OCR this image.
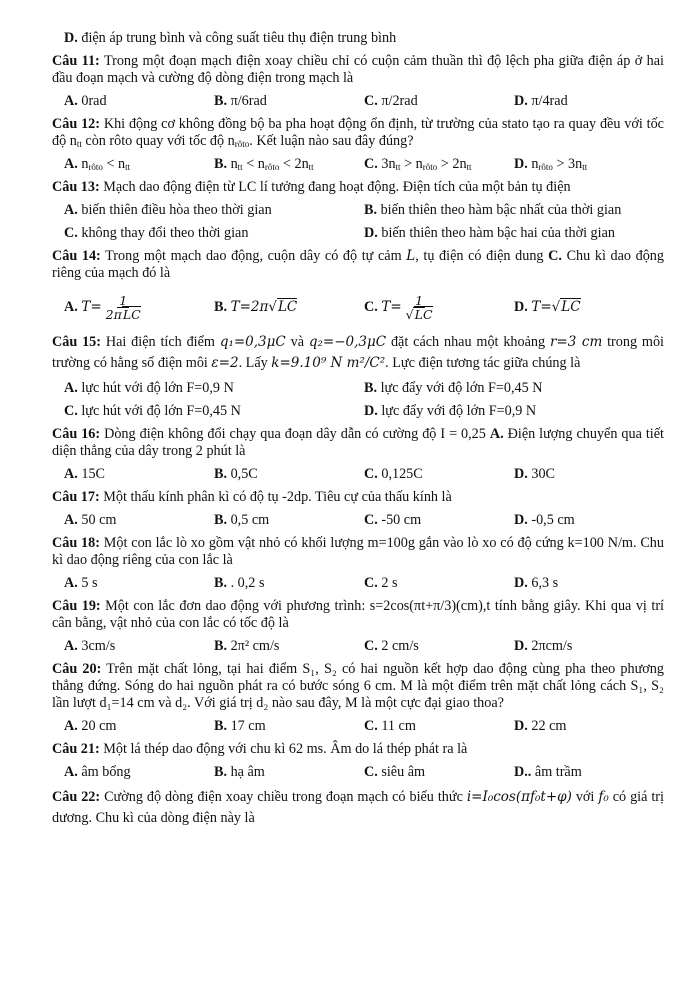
D. điện áp trung bình và công suất tiêu thụ điện trung bình

Câu 11: Trong một đoạn mạch điện xoay chiều chỉ có cuộn cảm thuần thì độ lệch pha giữa điện áp ở hai đầu đoạn mạch và cường độ dòng điện trong mạch là

A. 0rad	B. π/6rad	C. π/2rad	D. π/4rad

Câu 12: Khi động cơ không đồng bộ ba pha hoạt động ổn định, từ trường của stato tạo ra quay đều với tốc độ $n_{tt}$ còn rôto quay với tốc độ $n_{rôto}$. Kết luận nào sau đây đúng?

A. $n_{rôto} < n_{tt}$	B. $n_{tt} < n_{rôto} < 2n_{tt}$	C. $3n_{tt} > n_{rôto} > 2n_{tt}$	D. $n_{rôto} > 3n_{tt}$

Câu 13: Mạch dao động điện từ LC lí tưởng đang hoạt động. Điện tích của một bản tụ điện

A. biến thiên điều hòa theo thời gian	B. biến thiên theo hàm bậc nhất của thời gian
C. không thay đổi theo thời gian	D. biến thiên theo hàm bậc hai của thời gian

Câu 14: Trong một mạch dao động, cuộn dây có độ tự cảm L, tụ điện có điện dung C. Chu kì dao động riêng của mạch đó là

A. $T= \frac{1}{\text{2πLC}}$	B. T=2π√LC	C. $T= \frac{1}{√LC}$	D. T=√LC

Câu 15: Hai điện tích điểm q₁=0,3μC và q₂=−0,3μC đặt cách nhau một khoảng r=3 cm trong môi trường có hằng số điện môi ε=2. Lấy k=9.10⁹ N m²/C². Lực điện tương tác giữa chúng là

A. lực hút với độ lớn F=0,9 N	B. lực đẩy với độ lớn F=0,45 N
C. lực hút với độ lớn F=0,45 N	D. lực đẩy với độ lớn F=0,9 N

Câu 16: Dòng điện không đổi chạy qua đoạn dây dẫn có cường độ I = 0,25 A. Điện lượng chuyển qua tiết diện thẳng của dây trong 2 phút là

A. 15C	B. 0,5C	C. 0,125C	D. 30C

Câu 17: Một thấu kính phân kì có độ tụ -2dp. Tiêu cự của thấu kính là

A. 50 cm	B. 0,5 cm	C. -50 cm	D. -0,5 cm

Câu 18: Một con lắc lò xo gồm vật nhỏ có khối lượng m=100g gắn vào lò xo có độ cứng k=100 N/m. Chu kì dao động riêng của con lắc là

A. 5 s	B. . 0,2 s	C. 2 s	D. 6,3 s

Câu 19: Một con lắc đơn dao động với phương trình: s=2cos(πt+π/3)(cm),t tính bằng giây. Khi qua vị trí cân bằng, vật nhỏ của con lắc có tốc độ là

A. 3cm/s	B. 2π² cm/s	C. 2 cm/s	D. 2πcm/s

Câu 20: Trên mặt chất lỏng, tại hai điểm S₁, S₂ có hai nguồn kết hợp dao động cùng pha theo phương thẳng đứng. Sóng do hai nguồn phát ra có bước sóng 6 cm. M là một điểm trên mặt chất lỏng cách S₁, S₂ lần lượt d₁=14 cm và d₂. Với giá trị d₂ nào sau đây, M là một cực đại giao thoa?

A. 20 cm	B. 17 cm	C. 11 cm	D. 22 cm

Câu 21: Một lá thép dao động với chu kì 62 ms. Âm do lá thép phát ra là

A. âm bổng	B. hạ âm	C. siêu âm	D.. âm trầm

Câu 22: Cường độ dòng điện xoay chiều trong đoạn mạch có biểu thức i=I₀cos(πf₀t+φ) với f₀ có giá trị dương. Chu kì của dòng điện này là
